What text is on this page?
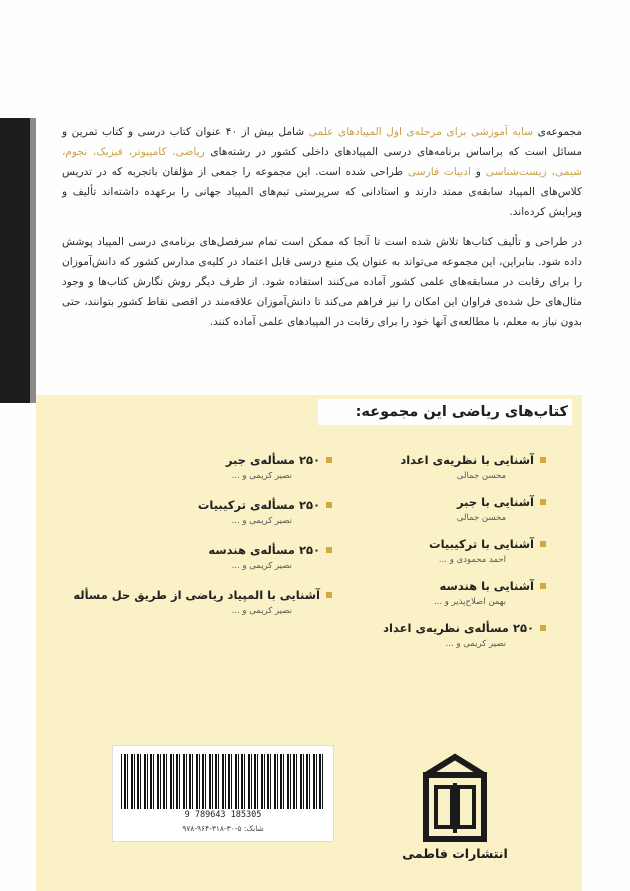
مجموعه‌ی سایه آموزشی برای مرحله‌ی اول المپیادهای علمی شامل بیش از ۴۰ عنوان کتاب درسی و کتاب تمرین و مسائل است که براساس برنامه‌های درسی المپیادهای داخلی کشور در رشته‌های ریاضی، کامپیوتر، فیزیک، نجوم، شیمی، زیست‌شناسی و ادبیات فارسی طراحی شده است. این مجموعه را جمعی از مؤلفان باتجربه که در تدریس کلاس‌های المپیاد سابقه‌ی ممتد دارند و استادانی که سرپرستی تیم‌های المپیاد جهانی را برعهده داشته‌اند تألیف و ویرایش کرده‌اند.

در طراحی و تألیف کتاب‌ها تلاش شده است تا آنجا که ممکن است تمام سرفصل‌های برنامه‌ی درسی المپیاد پوشش داده شود. بنابراین، این مجموعه می‌تواند به عنوان یک منبع درسی قابل اعتماد در کلیه‌ی مدارس کشور که دانش‌آموزان را برای رقابت در مسابقه‌های علمی کشور آماده می‌کنند استفاده شود. از طرف دیگر روش نگارش کتاب‌ها و وجود مثال‌های حل شده‌ی فراوان این امکان را نیز فراهم می‌کند تا دانش‌آموزان علاقه‌مند در اقصی نقاط کشور بتوانند، حتی بدون نیاز به معلم، با مطالعه‌ی آنها خود را برای رقابت در المپیادهای علمی آماده کنند.

کتاب‌های ریاضی این مجموعه:
آشنایی با نظریه‌ی اعداد
محسن جمالی
آشنایی با جبر
محسن جمالی
آشنایی با ترکیبیات
احمد محمودی و ...
آشنایی با هندسه
بهمن اصلاح‌پذیر و ...
۲۵۰ مسأله‌ی نظریه‌ی اعداد
نصیر کریمی و ...
۲۵۰ مسأله‌ی جبر
نصیر کریمی و ...
۲۵۰ مسأله‌ی ترکیبیات
نصیر کریمی و ...
۲۵۰ مسأله‌ی هندسه
نصیر کریمی و ...
آشنایی با المپیاد ریاضی از طریق حل مسأله
نصیر کریمی و ...
9 789643 185305
شابک: ۵-۳۰-۳۱۸-۹۶۴-۹۷۸
انتشارات فاطمی
